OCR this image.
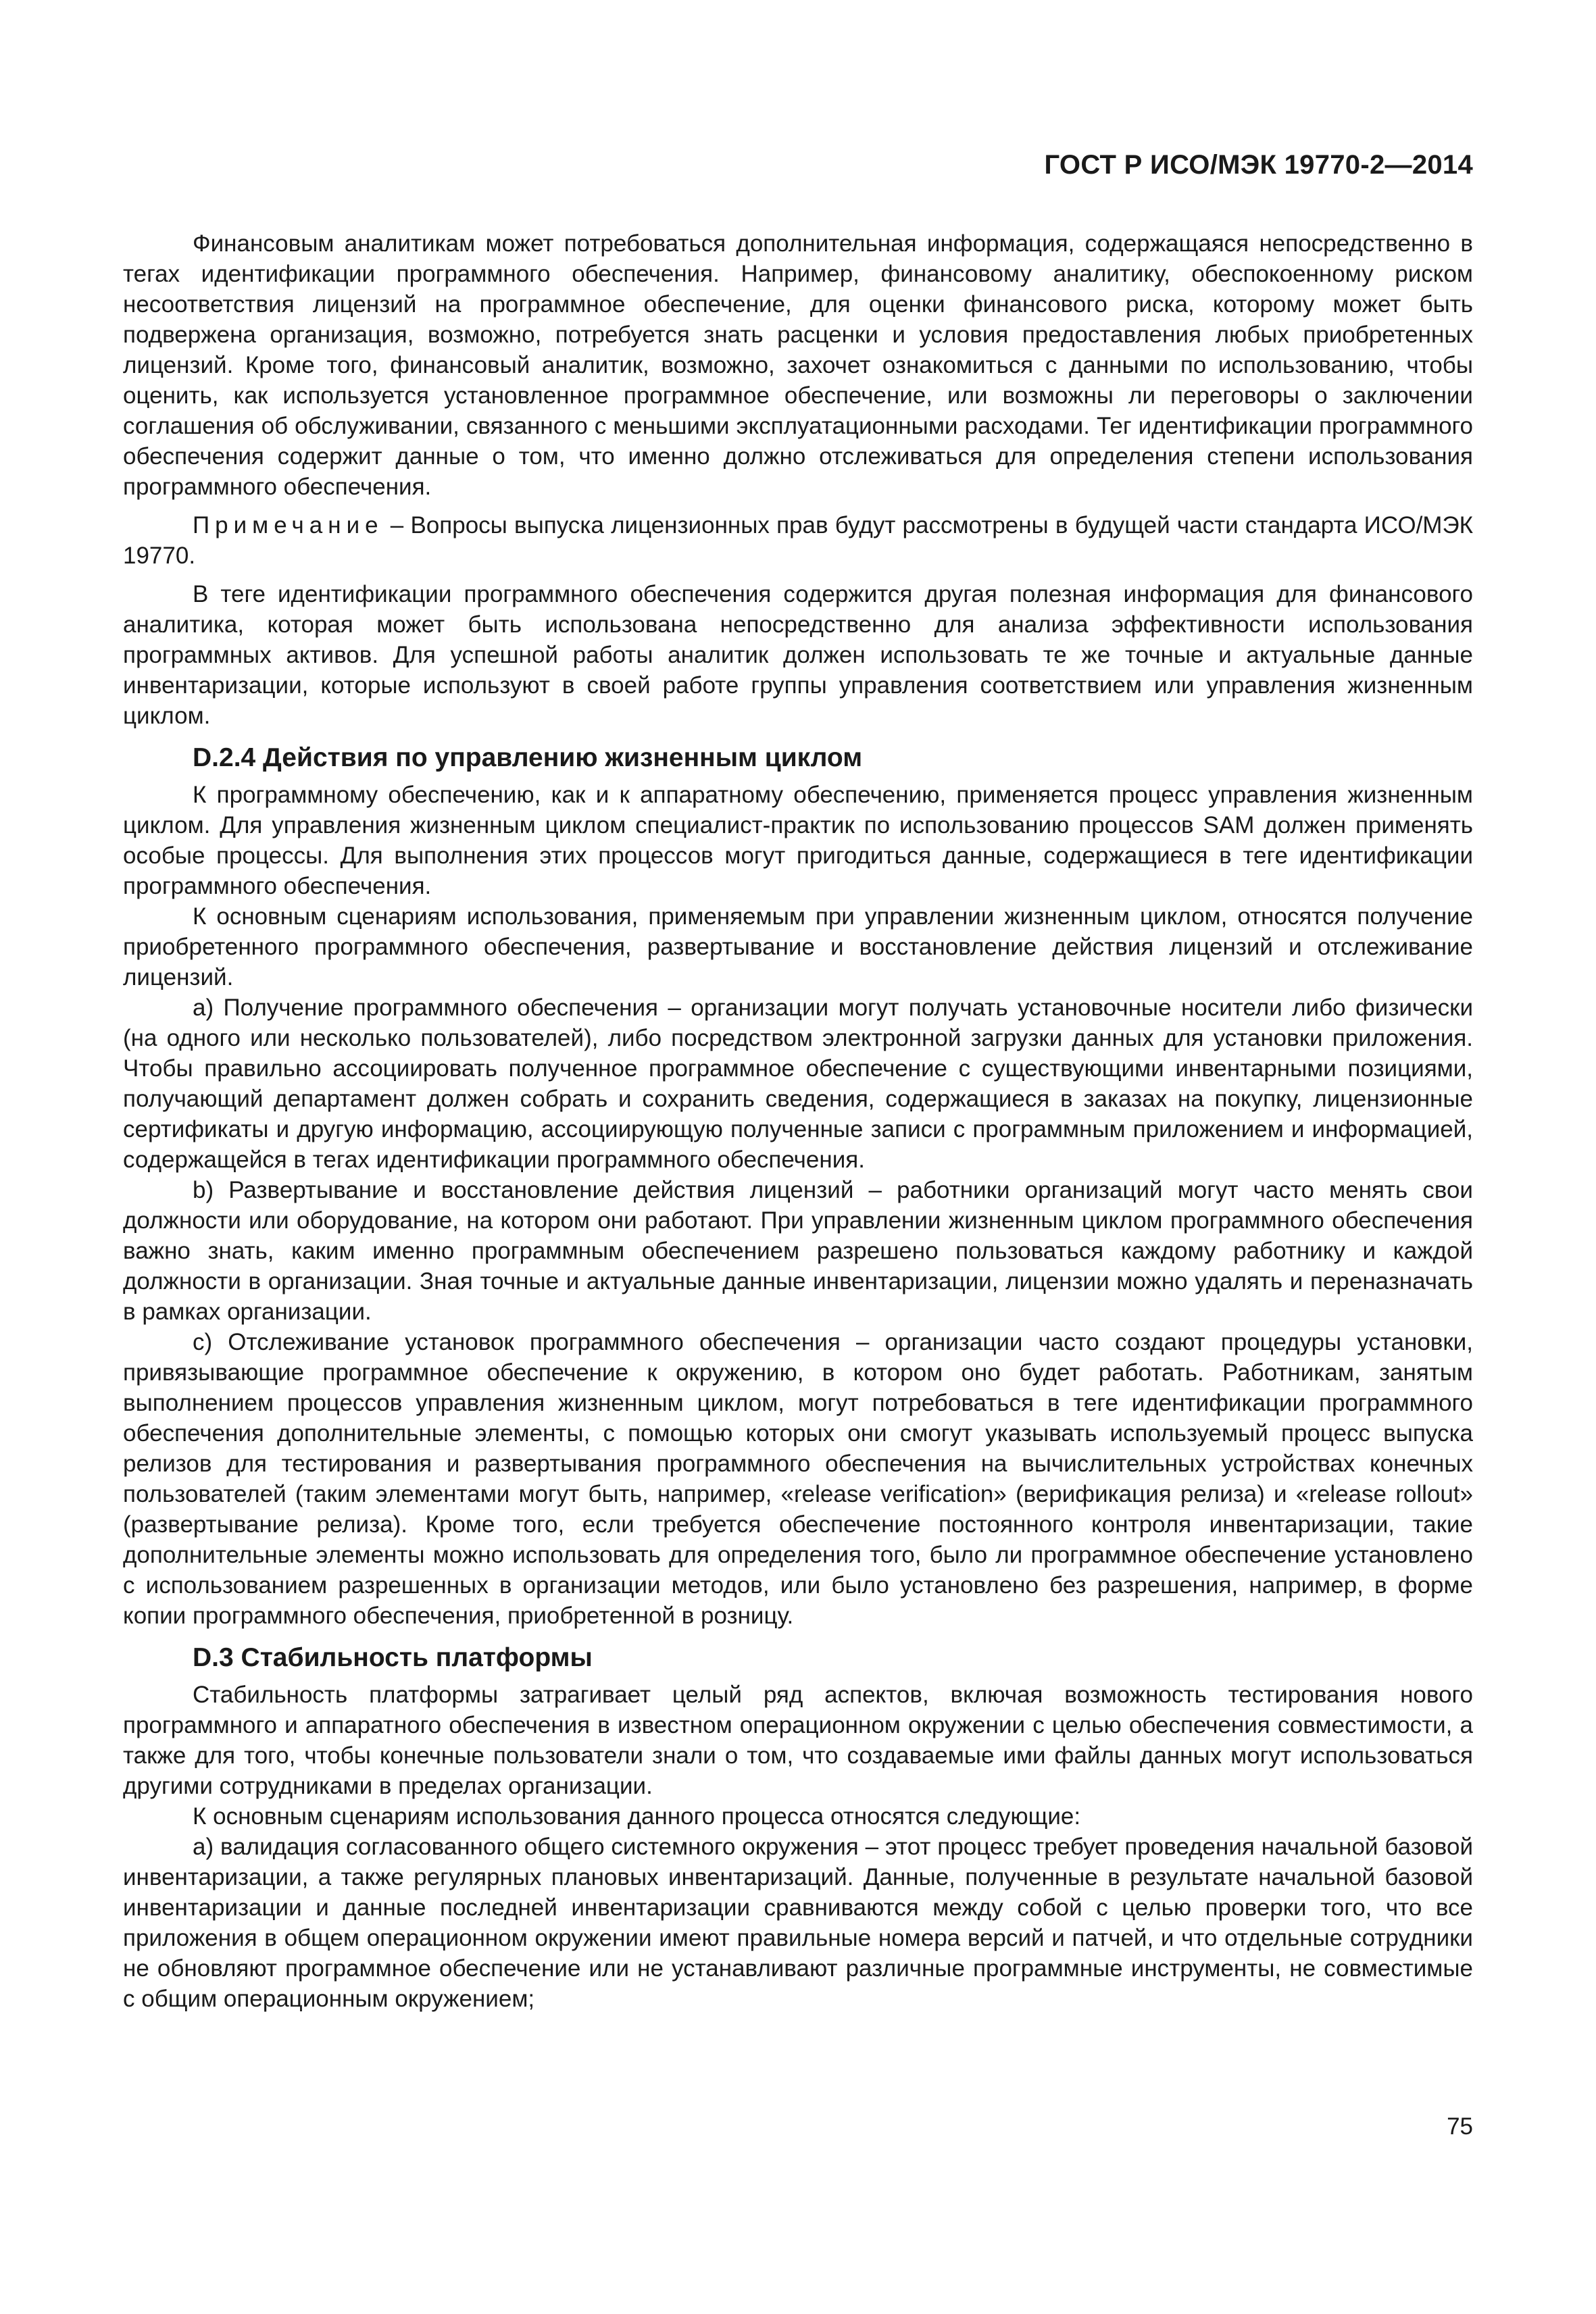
ГОСТ Р ИСО/МЭК 19770-2—2014

Финансовым аналитикам может потребоваться дополнительная информация, содержащаяся непосредственно в тегах идентификации программного обеспечения. Например, финансовому аналитику, обеспокоенному риском несоответствия лицензий на программное обеспечение, для оценки финансового риска, которому может быть подвержена организация, возможно, потребуется знать расценки и условия предоставления любых приобретенных лицензий. Кроме того, финансовый аналитик, возможно, захочет ознакомиться с данными по использованию, чтобы оценить, как используется установленное программное обеспечение, или возможны ли переговоры о заключении соглашения об обслуживании, связанного с меньшими эксплуатационными расходами. Тег идентификации программного обеспечения содержит данные о том, что именно должно отслеживаться для определения степени использования программного обеспечения.

Примечание – Вопросы выпуска лицензионных прав будут рассмотрены в будущей части стандарта ИСО/МЭК 19770.

В теге идентификации программного обеспечения содержится другая полезная информация для финансового аналитика, которая может быть использована непосредственно для анализа эффективности использования программных активов. Для успешной работы аналитик должен использовать те же точные и актуальные данные инвентаризации, которые используют в своей работе группы управления соответствием или управления жизненным циклом.

D.2.4 Действия по управлению жизненным циклом

К программному обеспечению, как и к аппаратному обеспечению, применяется процесс управления жизненным циклом. Для управления жизненным циклом специалист-практик по использованию процессов SAM должен применять особые процессы. Для выполнения этих процессов могут пригодиться данные, содержащиеся в теге идентификации программного обеспечения.

К основным сценариям использования, применяемым при управлении жизненным циклом, относятся получение приобретенного программного обеспечения, развертывание и восстановление действия лицензий и отслеживание лицензий.

а) Получение программного обеспечения – организации могут получать установочные носители либо физически (на одного или несколько пользователей), либо посредством электронной загрузки данных для установки приложения. Чтобы правильно ассоциировать полученное программное обеспечение с существующими инвентарными позициями, получающий департамент должен собрать и сохранить сведения, содержащиеся в заказах на покупку, лицензионные сертификаты и другую информацию, ассоциирующую полученные записи с программным приложением и информацией, содержащейся в тегах идентификации программного обеспечения.

b) Развертывание и восстановление действия лицензий – работники организаций могут часто менять свои должности или оборудование, на котором они работают. При управлении жизненным циклом программного обеспечения важно знать, каким именно программным обеспечением разрешено пользоваться каждому работнику и каждой должности в организации. Зная точные и актуальные данные инвентаризации, лицензии можно удалять и переназначать в рамках организации.

с) Отслеживание установок программного обеспечения – организации часто создают процедуры установки, привязывающие программное обеспечение к окружению, в котором оно будет работать. Работникам, занятым выполнением процессов управления жизненным циклом, могут потребоваться в теге идентификации программного обеспечения дополнительные элементы, с помощью которых они смогут указывать используемый процесс выпуска релизов для тестирования и развертывания программного обеспечения на вычислительных устройствах конечных пользователей (таким элементами могут быть, например, «release verification» (верификация релиза) и «release rollout» (развертывание релиза). Кроме того, если требуется обеспечение постоянного контроля инвентаризации, такие дополнительные элементы можно использовать для определения того, было ли программное обеспечение установлено с использованием разрешенных в организации методов, или было установлено без разрешения, например, в форме копии программного обеспечения, приобретенной в розницу.

D.3 Стабильность платформы

Стабильность платформы затрагивает целый ряд аспектов, включая возможность тестирования нового программного и аппаратного обеспечения в известном операционном окружении с целью обеспечения совместимости, а также для того, чтобы конечные пользователи знали о том, что создаваемые ими файлы данных могут использоваться другими сотрудниками в пределах организации.

К основным сценариям использования данного процесса относятся следующие:

а) валидация согласованного общего системного окружения – этот процесс требует проведения начальной базовой инвентаризации, а также регулярных плановых инвентаризаций. Данные, полученные в результате начальной базовой инвентаризации и данные последней инвентаризации сравниваются между собой с целью проверки того, что все приложения в общем операционном окружении имеют правильные номера версий и патчей, и что отдельные сотрудники не обновляют программное обеспечение или не устанавливают различные программные инструменты, не совместимые с общим операционным окружением;

75
